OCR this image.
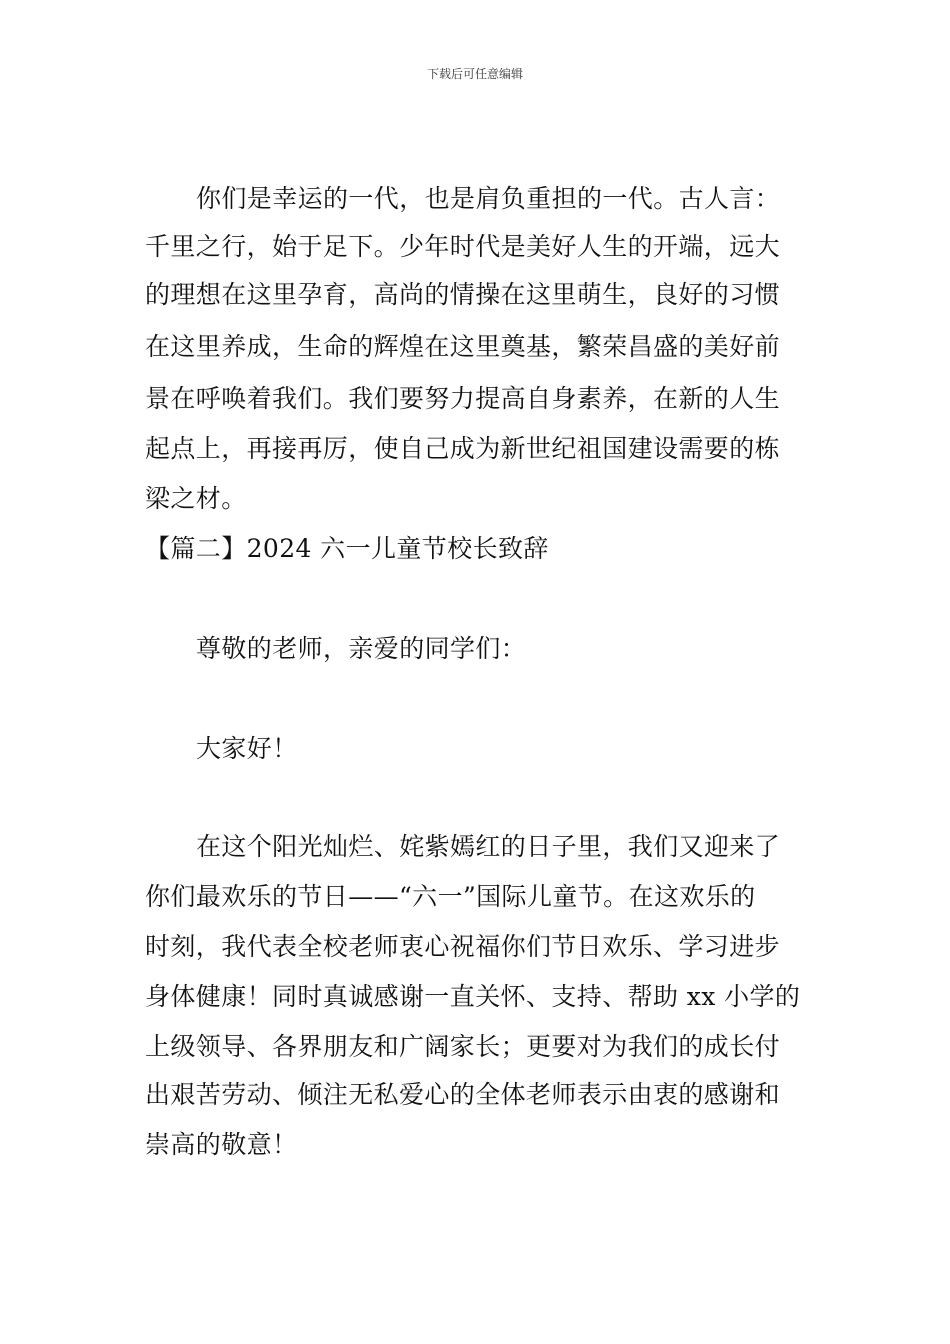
下载后可任意编辑
你们是幸运的一代，也是肩负重担的一代。古人言：
千里之行，始于足下。少年时代是美好人生的开端，远大
的理想在这里孕育，高尚的情操在这里萌生，良好的习惯
在这里养成，生命的辉煌在这里奠基，繁荣昌盛的美好前
景在呼唤着我们。我们要努力提高自身素养，在新的人生
起点上，再接再厉，使自己成为新世纪祖国建设需要的栋
梁之材。
【篇二】2024 六一儿童节校长致辞
尊敬的老师，亲爱的同学们：
大家好！
在这个阳光灿烂、姹紫嫣红的日子里，我们又迎来了
你们最欢乐的节日——“六一”国际儿童节。在这欢乐的
时刻，我代表全校老师衷心祝福你们节日欢乐、学习进步
身体健康！同时真诚感谢一直关怀、支持、帮助 xx 小学的
上级领导、各界朋友和广阔家长；更要对为我们的成长付
出艰苦劳动、倾注无私爱心的全体老师表示由衷的感谢和
崇高的敬意！
